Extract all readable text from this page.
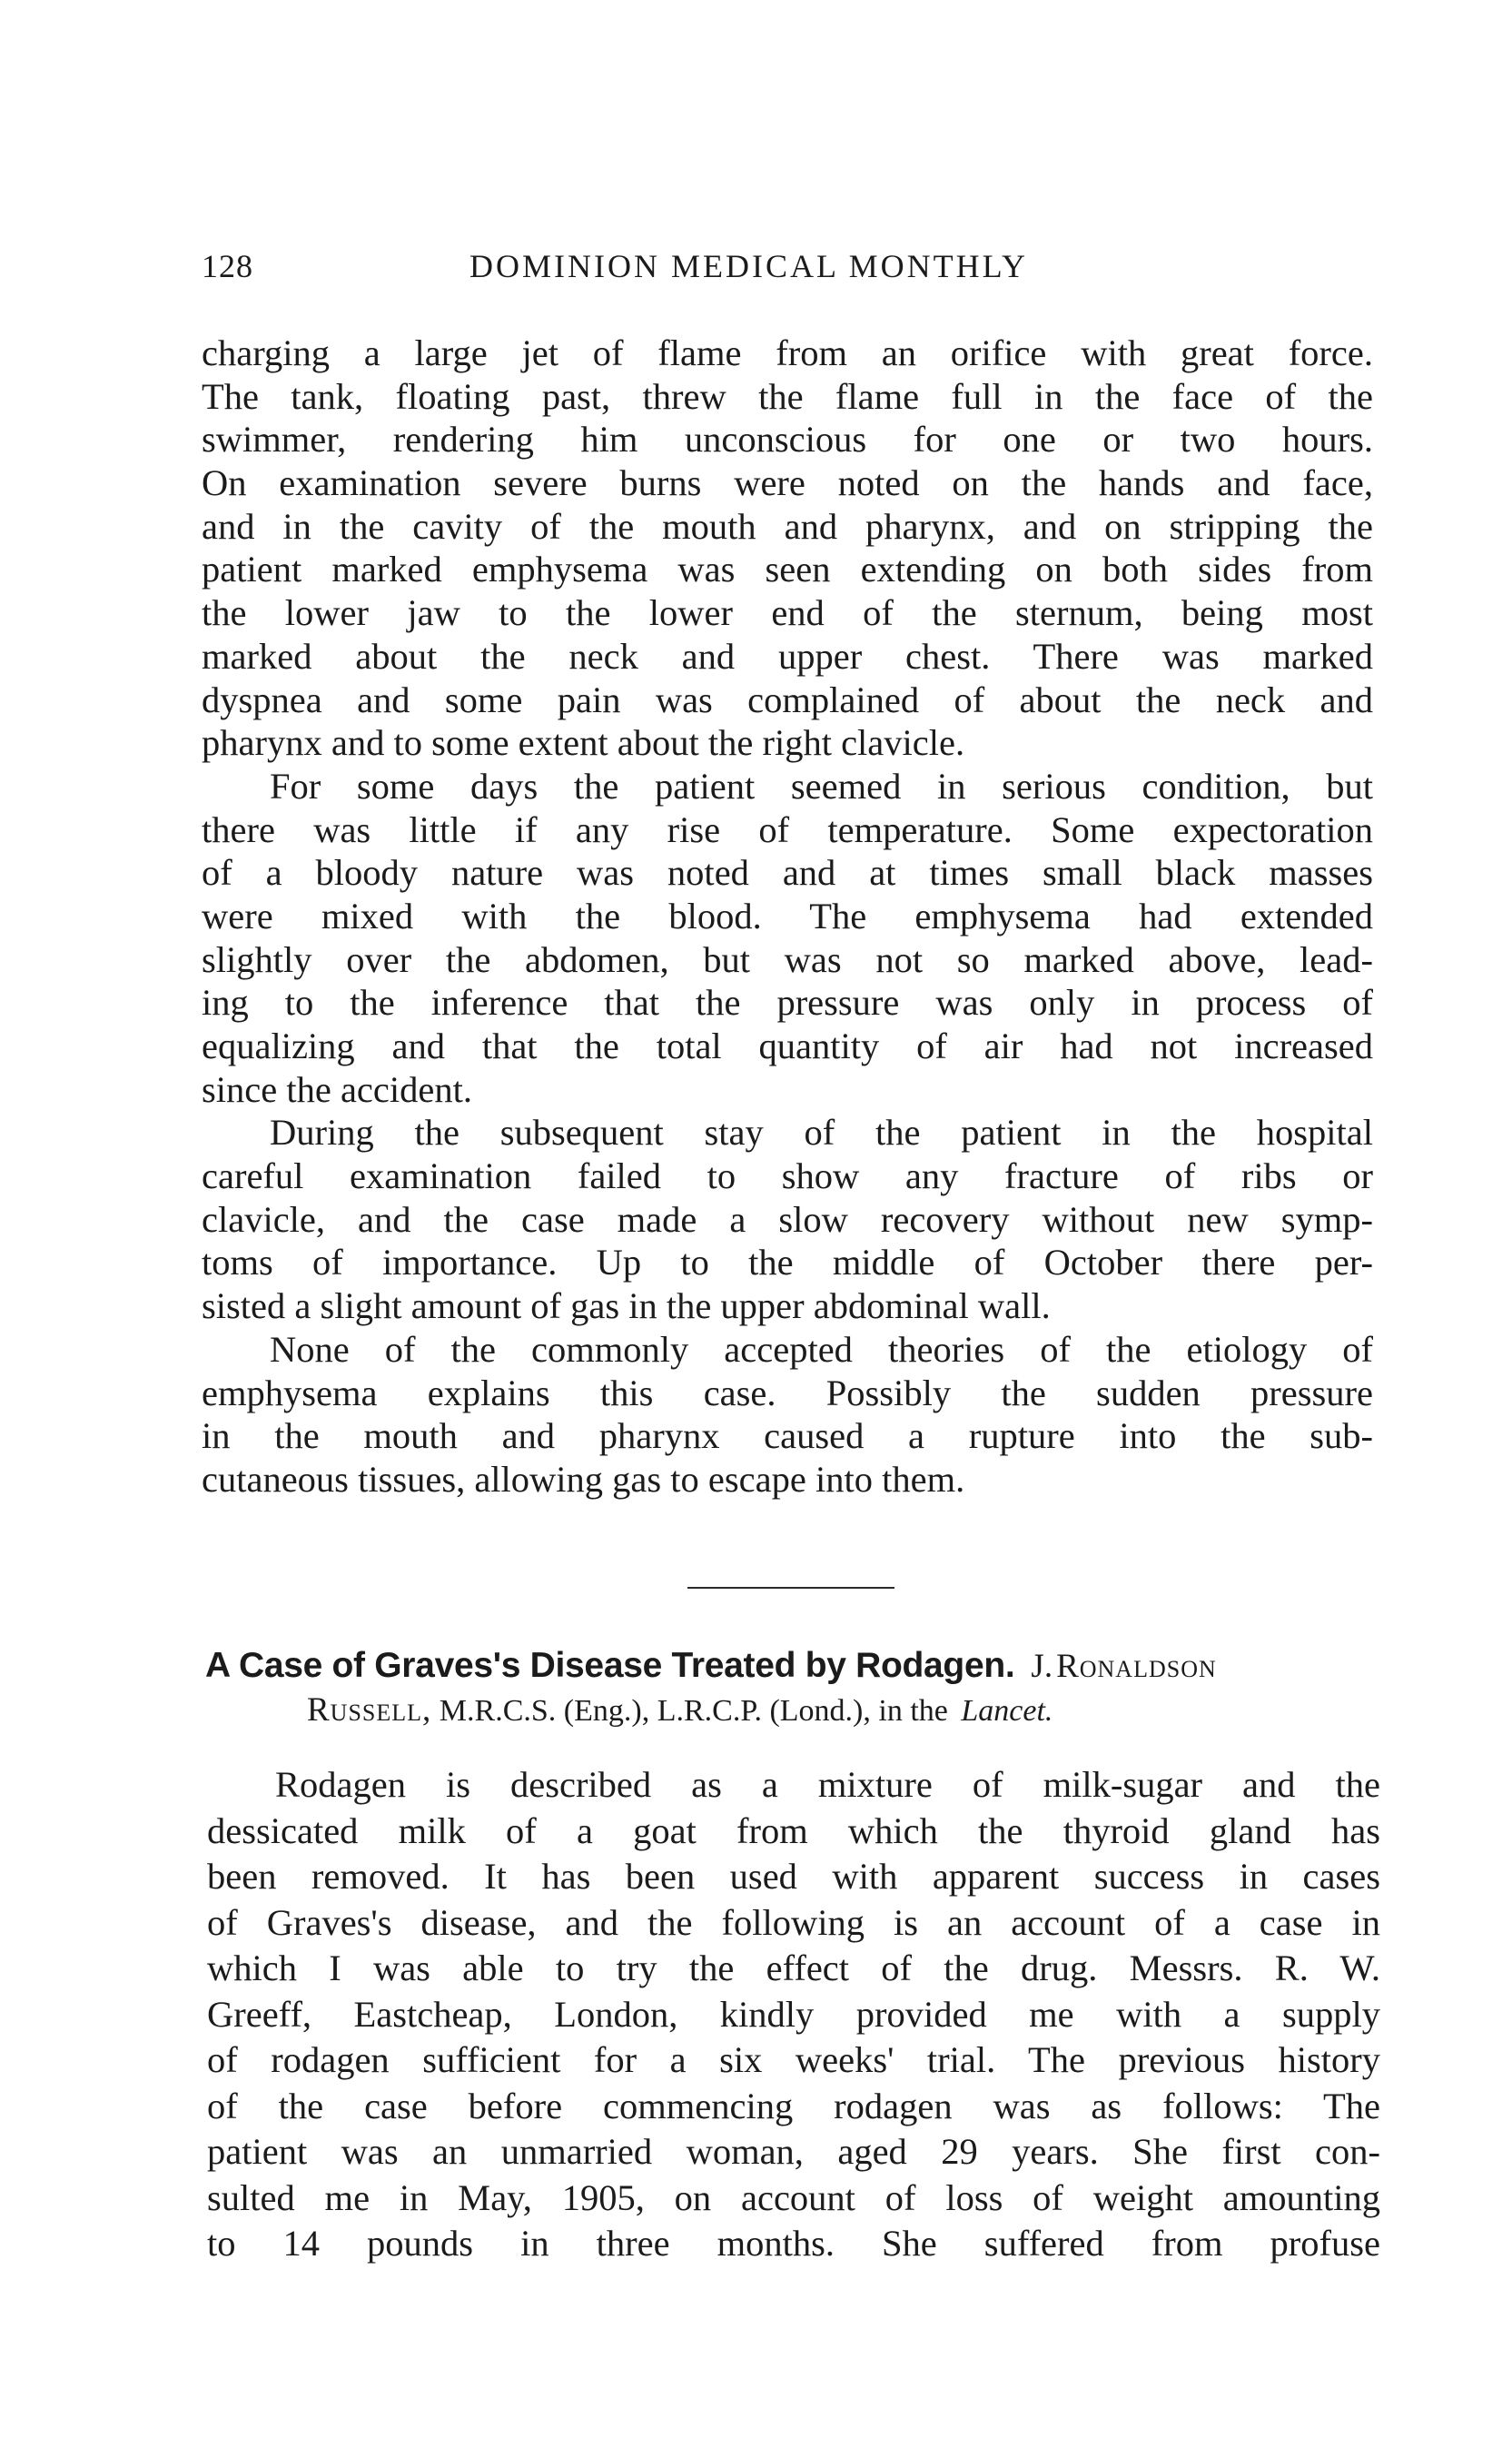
128	DOMINION MEDICAL MONTHLY
charging a large jet of flame from an orifice with great force.
The tank, floating past, threw the flame full in the face of the
swimmer, rendering him unconscious for one or two hours.
On examination severe burns were noted on the hands and face,
and in the cavity of the mouth and pharynx, and on stripping the
patient marked emphysema was seen extending on both sides from
the lower jaw to the lower end of the sternum, being most
marked about the neck and upper chest. There was marked
dyspnea and some pain was complained of about the neck and
pharynx and to some extent about the right clavicle.
For some days the patient seemed in serious condition, but
there was little if any rise of temperature. Some expectoration
of a bloody nature was noted and at times small black masses
were mixed with the blood. The emphysema had extended
slightly over the abdomen, but was not so marked above, lead-
ing to the inference that the pressure was only in process of
equalizing and that the total quantity of air had not increased
since the accident.
During the subsequent stay of the patient in the hospital
careful examination failed to show any fracture of ribs or
clavicle, and the case made a slow recovery without new symp-
toms of importance. Up to the middle of October there per-
sisted a slight amount of gas in the upper abdominal wall.
None of the commonly accepted theories of the etiology of
emphysema explains this case. Possibly the sudden pressure
in the mouth and pharynx caused a rupture into the sub-
cutaneous tissues, allowing gas to escape into them.
A Case of Graves's Disease Treated by Rodagen. J. Ronaldson
Russell, M.R.C.S. (Eng.), L.R.C.P. (Lond.), in the Lancet.
Rodagen is described as a mixture of milk-sugar and the
dessicated milk of a goat from which the thyroid gland has
been removed. It has been used with apparent success in cases
of Graves's disease, and the following is an account of a case in
which I was able to try the effect of the drug. Messrs. R. W.
Greeff, Eastcheap, London, kindly provided me with a supply
of rodagen sufficient for a six weeks' trial. The previous history
of the case before commencing rodagen was as follows: The
patient was an unmarried woman, aged 29 years. She first con-
sulted me in May, 1905, on account of loss of weight amounting
to 14 pounds in three months. She suffered from profuse
